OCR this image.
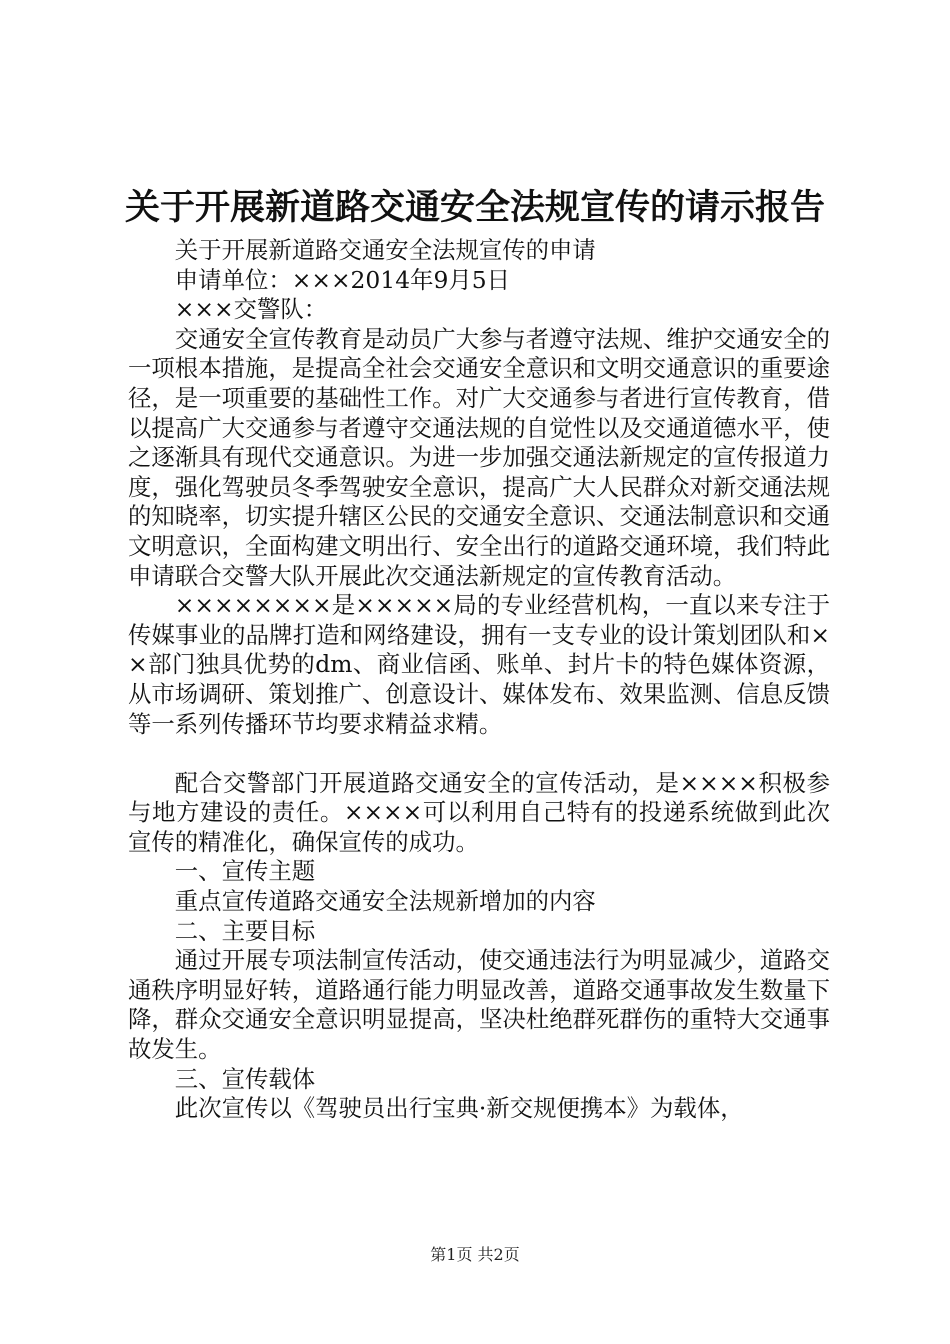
关于开展新道路交通安全法规宣传的请示报告

关于开展新道路交通安全法规宣传的申请

申请单位：×××2014年9月5日

×××交警队：

交通安全宣传教育是动员广大参与者遵守法规、维护交通安全的一项根本措施，是提高全社会交通安全意识和文明交通意识的重要途径，是一项重要的基础性工作。对广大交通参与者进行宣传教育，借以提高广大交通参与者遵守交通法规的自觉性以及交通道德水平，使之逐渐具有现代交通意识。为进一步加强交通法新规定的宣传报道力度，强化驾驶员冬季驾驶安全意识，提高广大人民群众对新交通法规的知晓率，切实提升辖区公民的交通安全意识、交通法制意识和交通文明意识，全面构建文明出行、安全出行的道路交通环境，我们特此申请联合交警大队开展此次交通法新规定的宣传教育活动。

××××××××是×××××局的专业经营机构，一直以来专注于传媒事业的品牌打造和网络建设，拥有一支专业的设计策划团队和××部门独具优势的dm、商业信函、账单、封片卡的特色媒体资源，从市场调研、策划推广、创意设计、媒体发布、效果监测、信息反馈等一系列传播环节均要求精益求精。

配合交警部门开展道路交通安全的宣传活动，是××××积极参与地方建设的责任。××××可以利用自己特有的投递系统做到此次宣传的精准化，确保宣传的成功。

一、宣传主题

重点宣传道路交通安全法规新增加的内容

二、主要目标

通过开展专项法制宣传活动，使交通违法行为明显减少，道路交通秩序明显好转，道路通行能力明显改善，道路交通事故发生数量下降，群众交通安全意识明显提高，坚决杜绝群死群伤的重特大交通事故发生。

三、宣传载体

此次宣传以《驾驶员出行宝典·新交规便携本》为载体，

第1页 共2页
